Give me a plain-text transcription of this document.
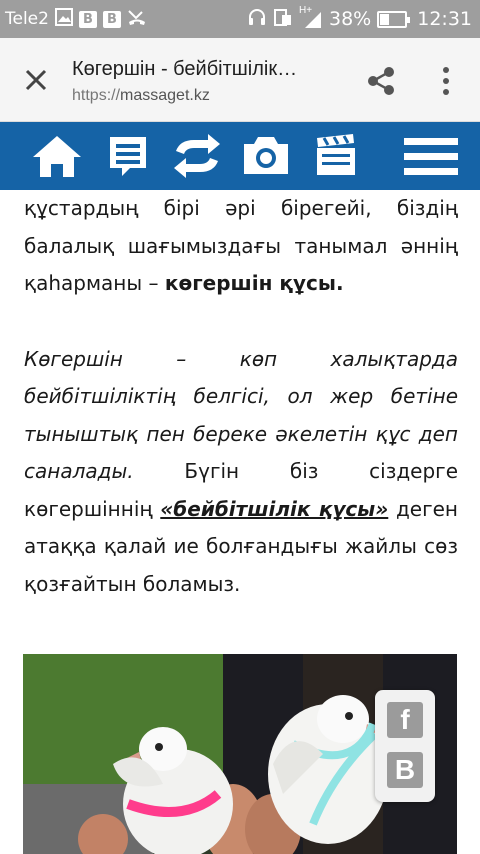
Tele2	B	B
H+ 38% 12:31
Көгершін - бейбітшілік…
https://massaget.kz

құстардың бірі әрі бірегейі, біздің балалық шағымыздағы танымал әннің қаһарманы – көгершін құсы.

Көгершін – көп халықтарда бейбітшіліктің белгісі, ол жер бетіне тыныштық пен береке әкелетін құс деп саналады. Бүгін біз сіздерге көгершіннің «бейбітшілік құсы» деген атаққа қалай ие болғандығы жайлы сөз қозғайтын боламыз.

f
В
